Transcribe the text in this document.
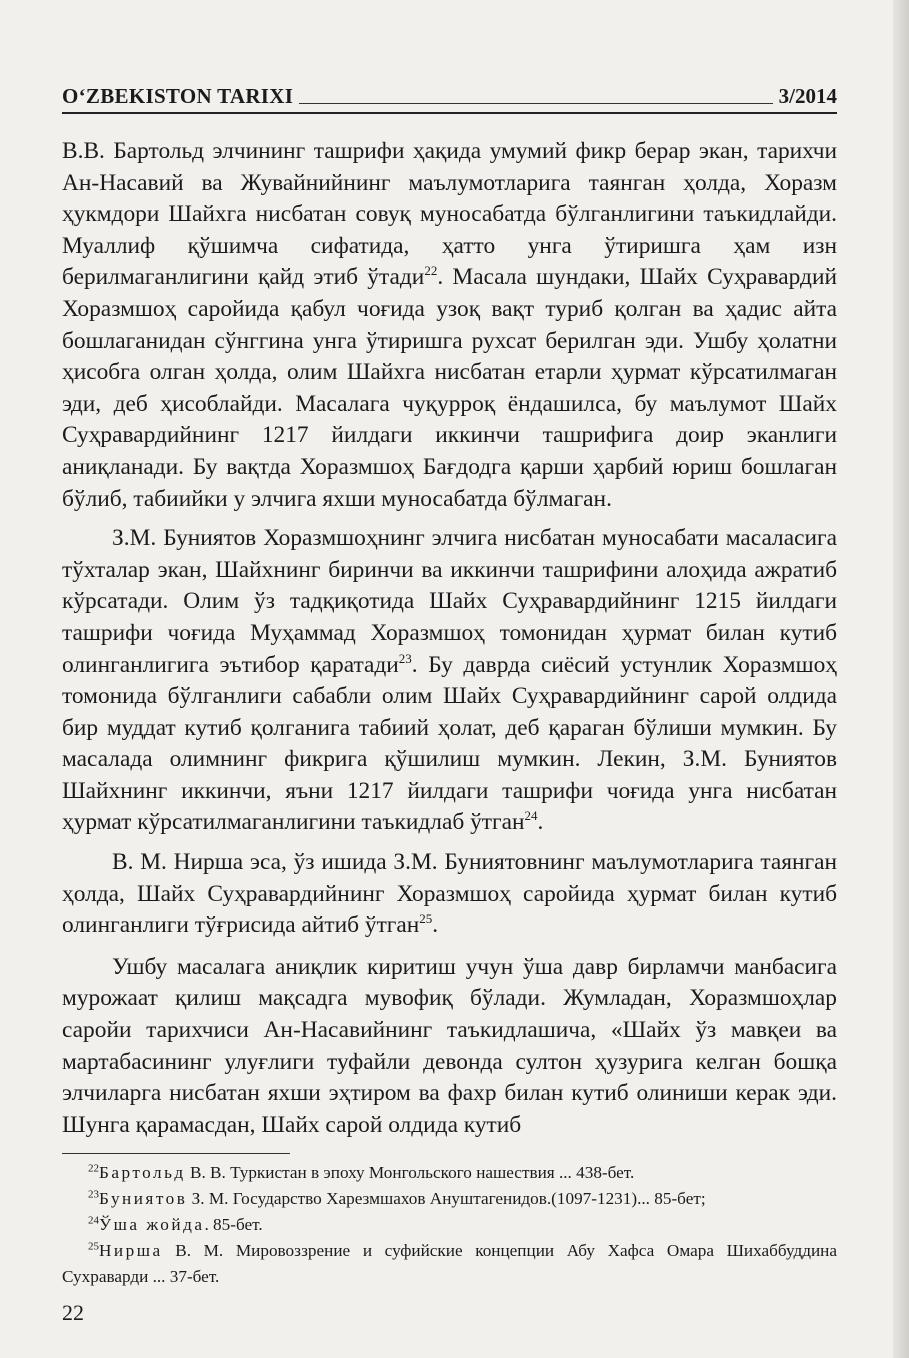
O‘ZBEKISTON TARIXI	3/2014

В.В. Бартольд элчининг ташрифи ҳақида умумий фикр берар экан, тарихчи Ан-Насавий ва Жувайнийнинг маълумотларига таянган ҳолда, Хоразм ҳукмдори Шайхга нисбатан совуқ муносабатда бўлганлигини таъкидлайди. Муаллиф қўшимча сифатида, ҳатто унга ўтиришга ҳам изн берилмаганлигини қайд этиб ўтади$^{22}$. Масала шундаки, Шайх Суҳравардий Хоразмшоҳ саройида қабул чоғида узоқ вақт туриб қолган ва ҳадис айта бошлаганидан сўнггина унга ўтиришга рухсат берилган эди. Ушбу ҳолатни ҳисобга олган ҳолда, олим Шайхга нисбатан етарли ҳурмат кўрсатилмаган эди, деб ҳисоблайди. Масалага чуқурроқ ёндашилса, бу маълумот Шайх Суҳравардийнинг 1217 йилдаги иккинчи ташрифига доир эканлиги аниқланади. Бу вақтда Хоразмшоҳ Бағдодга қарши ҳарбий юриш бошлаган бўлиб, табиийки у элчига яхши муносабатда бўлмаган.

З.М. Буниятов Хоразмшоҳнинг элчига нисбатан муносабати масаласига тўхталар экан, Шайхнинг биринчи ва иккинчи ташрифини алоҳида ажратиб кўрсатади. Олим ўз тадқиқотида Шайх Суҳравардийнинг 1215 йилдаги ташрифи чоғида Муҳаммад Хоразмшоҳ томонидан ҳурмат билан кутиб олинганлигига эътибор қаратади$^{23}$. Бу даврда сиёсий устунлик Хоразмшоҳ томонида бўлганлиги сабабли олим Шайх Суҳравардийнинг сарой олдида бир муддат кутиб қолганига табиий ҳолат, деб қараган бўлиши мумкин. Бу масалада олимнинг фикрига қўшилиш мумкин. Лекин, З.М. Буниятов Шайхнинг иккинчи, яъни 1217 йилдаги ташрифи чоғида унга нисбатан ҳурмат кўрсатилмаганлигини таъкидлаб ўтган$^{24}$.

В. М. Нирша эса, ўз ишида З.М. Буниятовнинг маълумотларига таянган ҳолда, Шайх Суҳравардийнинг Хоразмшоҳ саройида ҳурмат билан кутиб олинганлиги тўғрисида айтиб ўтган$^{25}$.

Ушбу масалага аниқлик киритиш учун ўша давр бирламчи манбасига мурожаат қилиш мақсадга мувофиқ бўлади. Жумладан, Хоразмшоҳлар саройи тарихчиси Ан-Насавийнинг таъкидлашича, «Шайх ўз мавқеи ва мартабасининг улуғлиги туфайли девонда султон ҳузурига келган бошқа элчиларга нисбатан яхши эҳтиром ва фахр билан кутиб олиниши керак эди. Шунга қарамасдан, Шайх сарой олдида кутиб

$^{22}$Бартольд В. В. Туркистан в эпоху Монгольского нашествия ... 438-бет.

$^{23}$Буниятов З. М. Государство Харезмшахов Ануштагенидов.(1097-1231)... 85-бет;

$^{24}$Ўша жойда. 85-бет.

$^{25}$Нирша В. М. Мировоззрение и суфийские концепции Абу Хафса Омара Шихаббуддина Сухраварди ... 37-бет.

22
